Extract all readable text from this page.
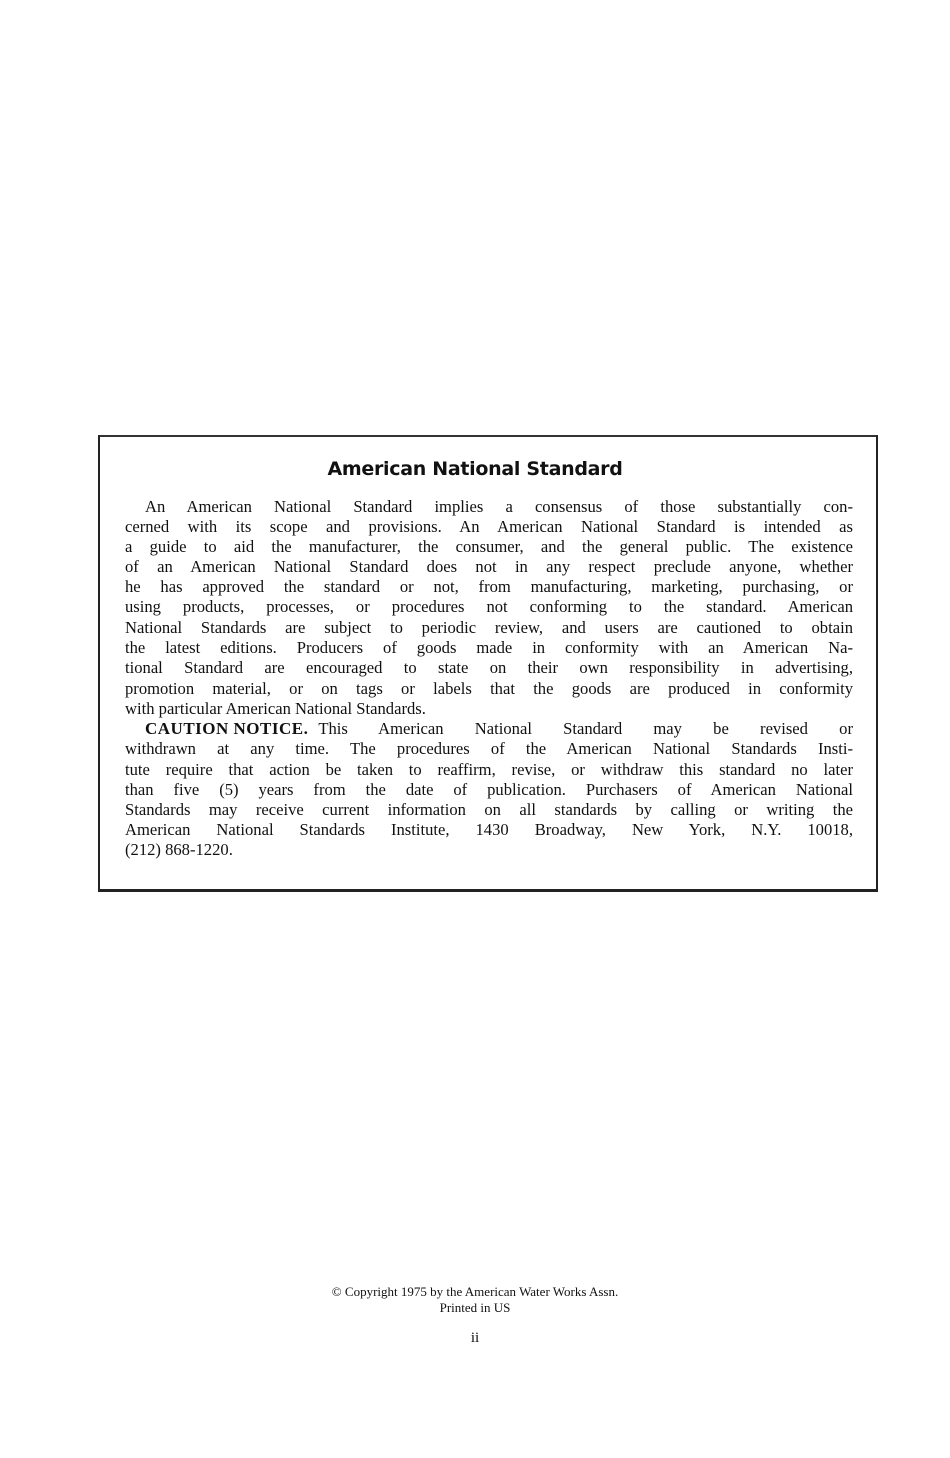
American National Standard
An American National Standard implies a consensus of those substantially con-
cerned with its scope and provisions. An American National Standard is intended as
a guide to aid the manufacturer, the consumer, and the general public. The existence
of an American National Standard does not in any respect preclude anyone, whether
he has approved the standard or not, from manufacturing, marketing, purchasing, or
using products, processes, or procedures not conforming to the standard. American
National Standards are subject to periodic review, and users are cautioned to obtain
the latest editions. Producers of goods made in conformity with an American Na-
tional Standard are encouraged to state on their own responsibility in advertising,
promotion material, or on tags or labels that the goods are produced in conformity
with particular American National Standards.
CAUTION NOTICE. This American National Standard may be revised or
withdrawn at any time. The procedures of the American National Standards Insti-
tute require that action be taken to reaffirm, revise, or withdraw this standard no later
than five (5) years from the date of publication. Purchasers of American National
Standards may receive current information on all standards by calling or writing the
American National Standards Institute, 1430 Broadway, New York, N.Y. 10018,
(212) 868-1220.
© Copyright 1975 by the American Water Works Assn.
Printed in US
ii
